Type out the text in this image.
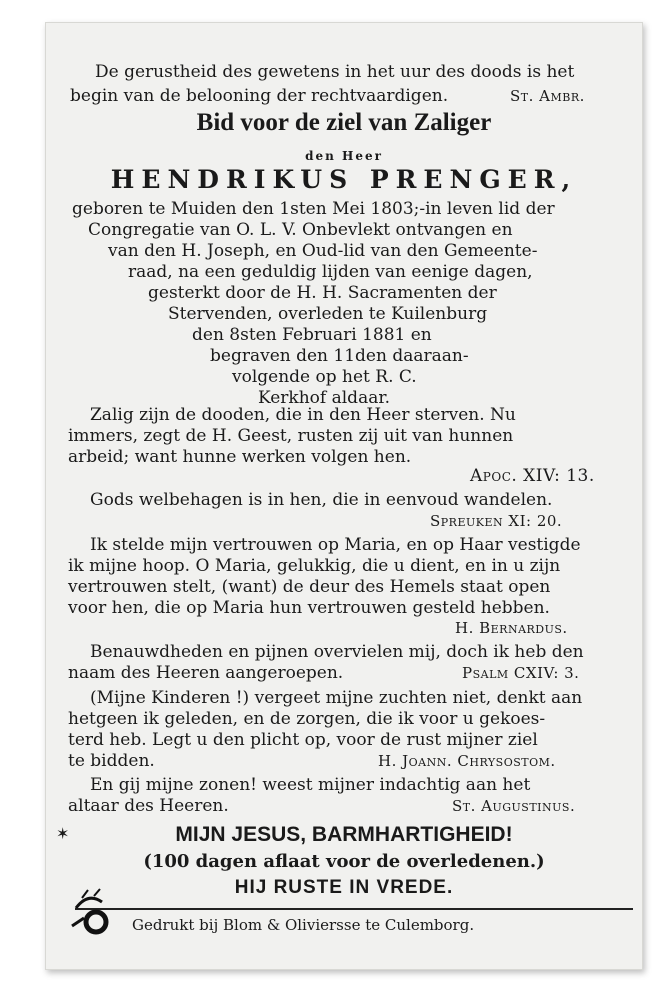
De gerustheid des gewetens in het uur des doods is het
begin van de belooning der rechtvaardigen.	St. Ambr.
Bid voor de ziel van Zaliger
den Heer
HENDRIKUS PRENGER,
geboren te Muiden den 1sten Mei 1803;-in leven lid der
Congregatie van O. L. V. Onbevlekt ontvangen en
van den H. Joseph, en Oud-lid van den Gemeente-
raad, na een geduldig lijden van eenige dagen,
gesterkt door de H. H. Sacramenten der
Stervenden, overleden te Kuilenburg
den 8sten Februari 1881 en
begraven den 11den daaraan-
volgende op het R. C.
Kerkhof aldaar.
Zalig zijn de dooden, die in den Heer sterven. Nu
immers, zegt de H. Geest, rusten zij uit van hunnen
arbeid; want hunne werken volgen hen.
Apoc. XIV: 13.
Gods welbehagen is in hen, die in eenvoud wandelen.
Spreuken XI: 20.
Ik stelde mijn vertrouwen op Maria, en op Haar vestigde
ik mijne hoop. O Maria, gelukkig, die u dient, en in u zijn
vertrouwen stelt, (want) de deur des Hemels staat open
voor hen, die op Maria hun vertrouwen gesteld hebben.
H. Bernardus.
Benauwdheden en pijnen overvielen mij, doch ik heb den
naam des Heeren aangeroepen.	Psalm CXIV: 3.
(Mijne Kinderen !) vergeet mijne zuchten niet, denkt aan
hetgeen ik geleden, en de zorgen, die ik voor u gekoes-
terd heb. Legt u den plicht op, voor de rust mijner ziel
te bidden.	H. Joann. Chrysostom.
En gij mijne zonen! weest mijner indachtig aan het
altaar des Heeren.	St. Augustinus.
✶	MIJN JESUS, BARMHARTIGHEID!
(100 dagen aflaat voor de overledenen.)
HIJ RUSTE IN VREDE.
Gedrukt bij Blom & Oliviersse te Culemborg.
